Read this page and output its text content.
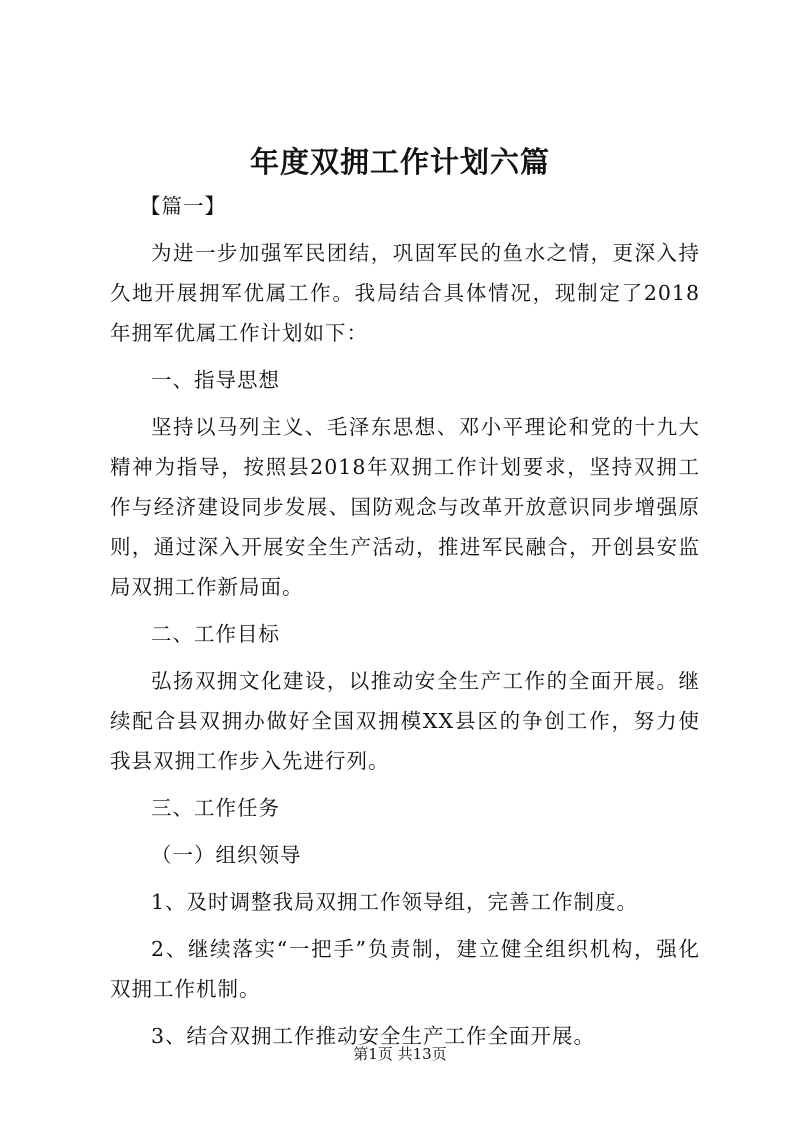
年度双拥工作计划六篇

【篇一】

为进一步加强军民团结，巩固军民的鱼水之情，更深入持久地开展拥军优属工作。我局结合具体情况，现制定了2018年拥军优属工作计划如下：

一、指导思想

坚持以马列主义、毛泽东思想、邓小平理论和党的十九大精神为指导，按照县2018年双拥工作计划要求，坚持双拥工作与经济建设同步发展、国防观念与改革开放意识同步增强原则，通过深入开展安全生产活动，推进军民融合，开创县安监局双拥工作新局面。

二、工作目标

弘扬双拥文化建设，以推动安全生产工作的全面开展。继续配合县双拥办做好全国双拥模XX县区的争创工作，努力使我县双拥工作步入先进行列。

三、工作任务

（一）组织领导

1、及时调整我局双拥工作领导组，完善工作制度。

2、继续落实“一把手”负责制，建立健全组织机构，强化双拥工作机制。

3、结合双拥工作推动安全生产工作全面开展。

第1页 共13页
